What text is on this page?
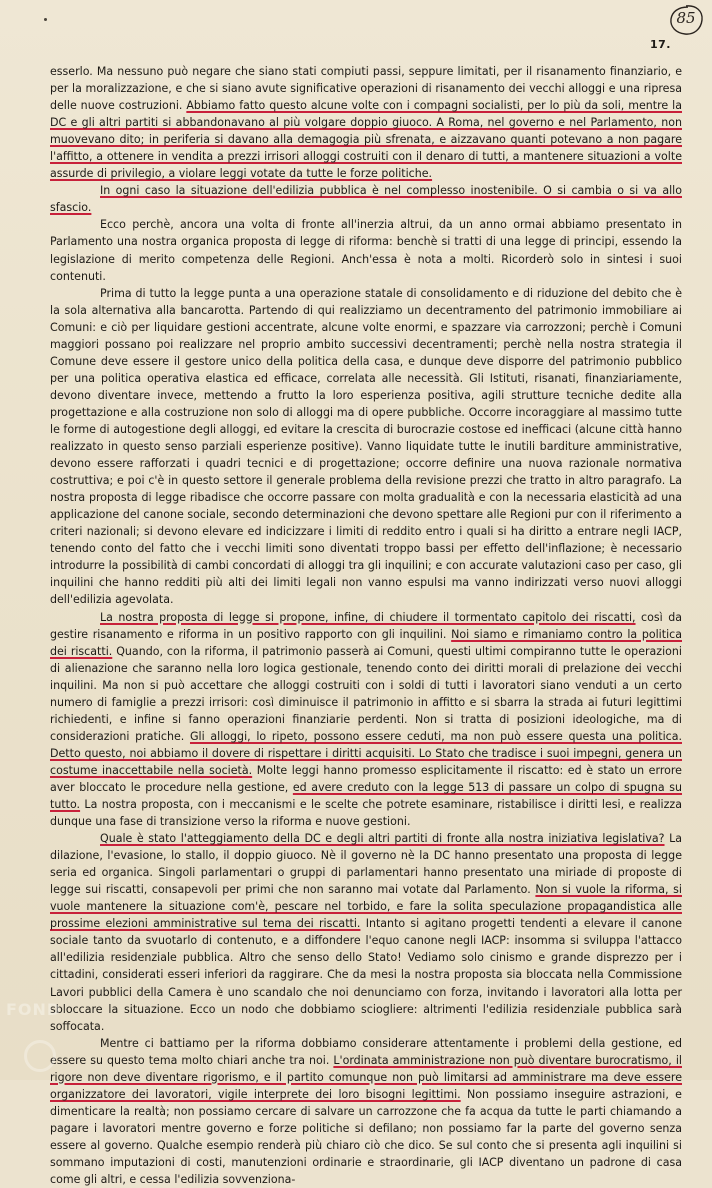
85
17.

esserlo. Ma nessuno può negare che siano stati compiuti passi, seppure limitati, per il risanamento finanziario, e per la moralizzazione, e che si siano avute significative operazioni di risanamento dei vecchi alloggi e una ripresa delle nuove costruzioni. Abbiamo fatto questo alcune volte con i compagni socialisti, per lo più da soli, mentre la DC e gli altri partiti si abbandonavano al più volgare doppio giuoco. A Roma, nel governo e nel Parlamento, non muovevano dito; in periferia si davano alla demagogia più sfrenata, e aizzavano quanti potevano a non pagare l'affitto, a ottenere in vendita a prezzi irrisori alloggi costruiti con il denaro di tutti, a mantenere situazioni a volte assurde di privilegio, a violare leggi votate da tutte le forze politiche.

In ogni caso la situazione dell'edilizia pubblica è nel complesso inostenibile. O si cambia o si va allo sfascio.

Ecco perchè, ancora una volta di fronte all'inerzia altrui, da un anno ormai abbiamo presentato in Parlamento una nostra organica proposta di legge di riforma: benchè si tratti di una legge di principi, essendo la legislazione di merito competenza delle Regioni. Anch'essa è nota a molti. Ricorderò solo in sintesi i suoi contenuti.

Prima di tutto la legge punta a una operazione statale di consolidamento e di riduzione del debito che è la sola alternativa alla bancarotta. Partendo di qui realizziamo un decentramento del patrimonio immobiliare ai Comuni: e ciò per liquidare gestioni accentrate, alcune volte enormi, e spazzare via carrozzoni; perchè i Comuni maggiori possano poi realizzare nel proprio ambito successivi decentramenti; perchè nella nostra strategia il Comune deve essere il gestore unico della politica della casa, e dunque deve disporre del patrimonio pubblico per una politica operativa elastica ed efficace, correlata alle necessità. Gli Istituti, risanati, finanziariamente, devono diventare invece, mettendo a frutto la loro esperienza positiva, agili strutture tecniche dedite alla progettazione e alla costruzione non solo di alloggi ma di opere pubbliche. Occorre incoraggiare al massimo tutte le forme di autogestione degli alloggi, ed evitare la crescita di burocrazie costose ed inefficaci (alcune città hanno realizzato in questo senso parziali esperienze positive). Vanno liquidate tutte le inutili barditure amministrative, devono essere rafforzati i quadri tecnici e di progettazione; occorre definire una nuova razionale normativa costruttiva; e poi c'è in questo settore il generale problema della revisione prezzi che tratto in altro paragrafo. La nostra proposta di legge ribadisce che occorre passare con molta gradualità e con la necessaria elasticità ad una applicazione del canone sociale, secondo determinazioni che devono spettare alle Regioni pur con il riferimento a criteri nazionali; si devono elevare ed indicizzare i limiti di reddito entro i quali si ha diritto a entrare negli IACP, tenendo conto del fatto che i vecchi limiti sono diventati troppo bassi per effetto dell'inflazione; è necessario introdurre la possibilità di cambi concordati di alloggi tra gli inquilini; e con accurate valutazioni caso per caso, gli inquilini che hanno redditi più alti dei limiti legali non vanno espulsi ma vanno indirizzati verso nuovi alloggi dell'edilizia agevolata.

La nostra proposta di legge si propone, infine, di chiudere il tormentato capitolo dei riscatti, così da gestire risanamento e riforma in un positivo rapporto con gli inquilini. Noi siamo e rimaniamo contro la politica dei riscatti. Quando, con la riforma, il patrimonio passerà ai Comuni, questi ultimi compiranno tutte le operazioni di alienazione che saranno nella loro logica gestionale, tenendo conto dei diritti morali di prelazione dei vecchi inquilini. Ma non si può accettare che alloggi costruiti con i soldi di tutti i lavoratori siano venduti a un certo numero di famiglie a prezzi irrisori: così diminuisce il patrimonio in affitto e si sbarra la strada ai futuri legittimi richiedenti, e infine si fanno operazioni finanziarie perdenti. Non si tratta di posizioni ideologiche, ma di considerazioni pratiche. Gli alloggi, lo ripeto, possono essere ceduti, ma non può essere questa una politica. Detto questo, noi abbiamo il dovere di rispettare i diritti acquisiti. Lo Stato che tradisce i suoi impegni, genera un costume inaccettabile nella società. Molte leggi hanno promesso esplicitamente il riscatto: ed è stato un errore aver bloccato le procedure nella gestione, ed avere creduto con la legge 513 di passare un colpo di spugna su tutto. La nostra proposta, con i meccanismi e le scelte che potrete esaminare, ristabilisce i diritti lesi, e realizza dunque una fase di transizione verso la riforma e nuove gestioni.

Quale è stato l'atteggiamento della DC e degli altri partiti di fronte alla nostra iniziativa legislativa? La dilazione, l'evasione, lo stallo, il doppio giuoco. Nè il governo nè la DC hanno presentato una proposta di legge seria ed organica. Singoli parlamentari o gruppi di parlamentari hanno presentato una miriade di proposte di legge sui riscatti, consapevoli per primi che non saranno mai votate dal Parlamento. Non si vuole la riforma, si vuole mantenere la situazione com'è, pescare nel torbido, e fare la solita speculazione propagandistica alle prossime elezioni amministrative sul tema dei riscatti. Intanto si agitano progetti tendenti a elevare il canone sociale tanto da svuotarlo di contenuto, e a diffondere l'equo canone negli IACP: insomma si sviluppa l'attacco all'edilizia residenziale pubblica. Altro che senso dello Stato! Vediamo solo cinismo e grande disprezzo per i cittadini, considerati esseri inferiori da raggirare. Che da mesi la nostra proposta sia bloccata nella Commissione Lavori pubblici della Camera è uno scandalo che noi denunciamo con forza, invitando i lavoratori alla lotta per sbloccare la situazione. Ecco un nodo che dobbiamo sciogliere: altrimenti l'edilizia residenziale pubblica sarà soffocata.

Mentre ci battiamo per la riforma dobbiamo considerare attentamente i problemi della gestione, ed essere su questo tema molto chiari anche tra noi. L'ordinata amministrazione non può diventare burocratismo, il rigore non deve diventare rigorismo, e il partito comunque non può limitarsi ad amministrare ma deve essere organizzatore dei lavoratori, vigile interprete dei loro bisogni legittimi. Non possiamo inseguire astrazioni, e dimenticare la realtà; non possiamo cercare di salvare un carrozzone che fa acqua da tutte le parti chiamando a pagare i lavoratori mentre governo e forze politiche si defilano; non possiamo far la parte del governo senza essere al governo. Qualche esempio renderà più chiaro ciò che dico. Se sul conto che si presenta agli inquilini si sommano imputazioni di costi, manutenzioni ordinarie e straordinarie, gli IACP diventano un padrone di casa come gli altri, e cessa l'edilizia sovvenziona-

FOND
